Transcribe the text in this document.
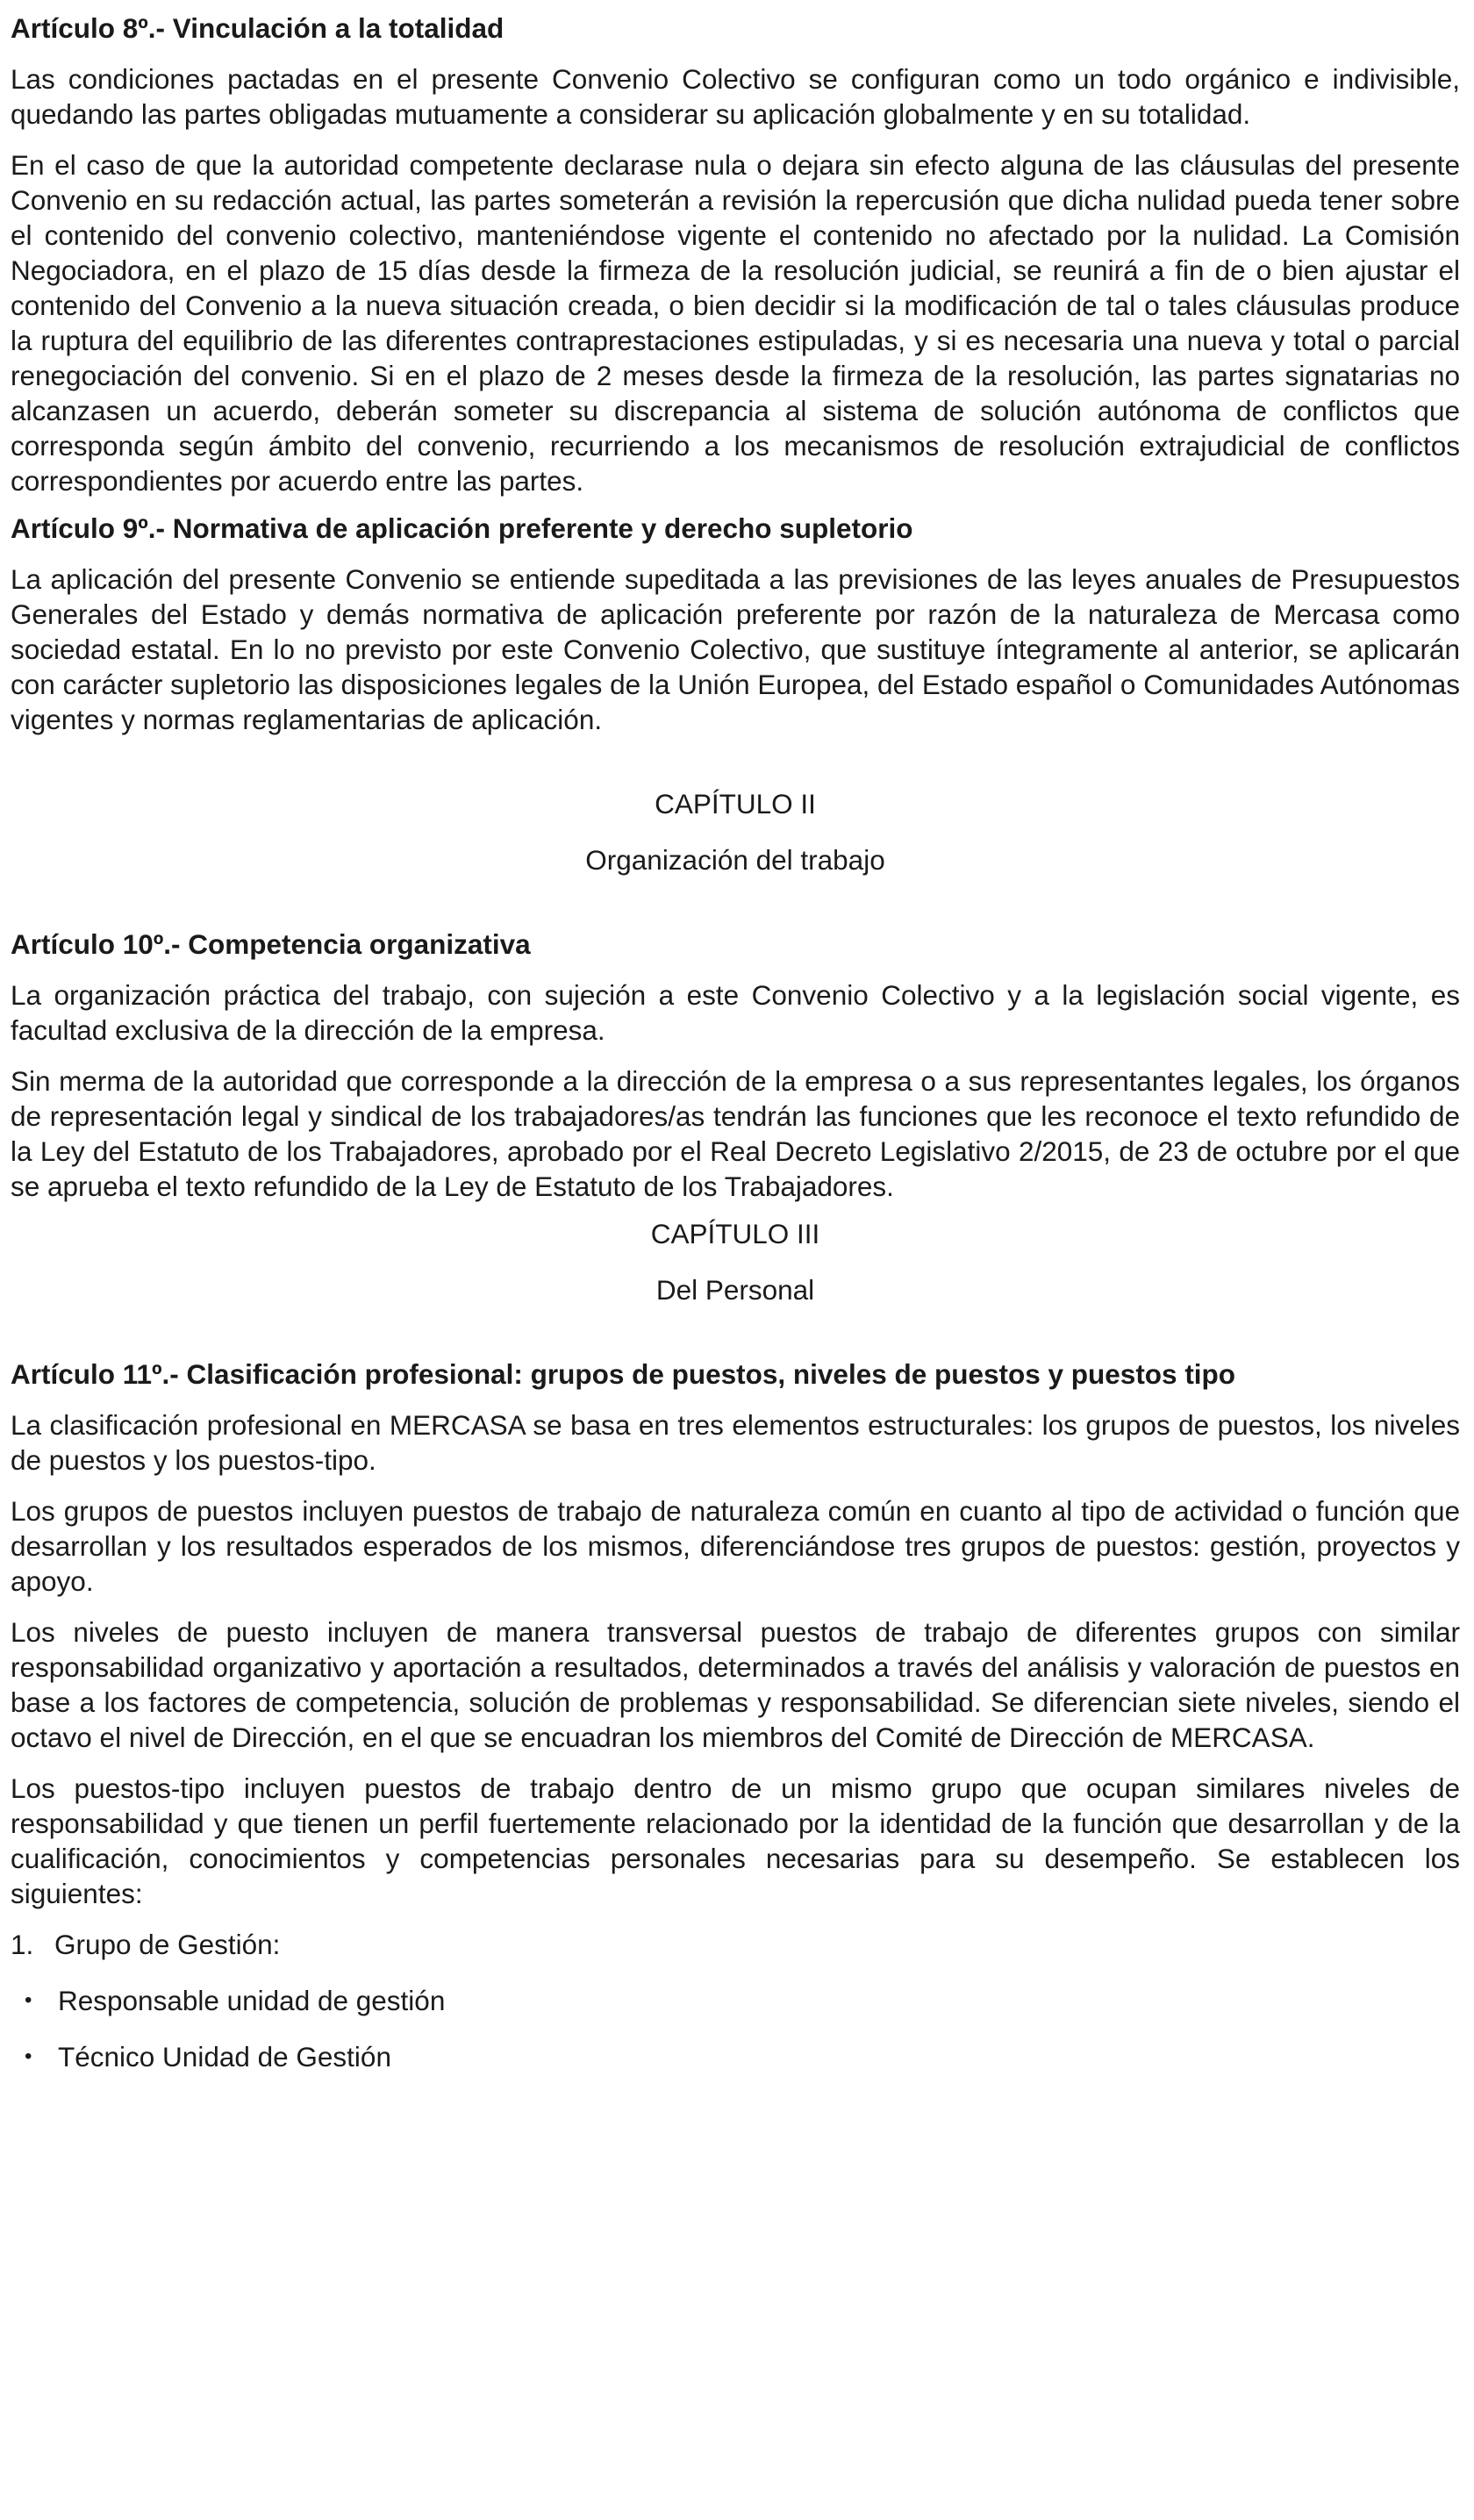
Artículo 8º.- Vinculación a la totalidad

Las condiciones pactadas en el presente Convenio Colectivo se configuran como un todo orgánico e indivisible, quedando las partes obligadas mutuamente a considerar su aplicación globalmente y en su totalidad.

En el caso de que la autoridad competente declarase nula o dejara sin efecto alguna de las cláusulas del presente Convenio en su redacción actual, las partes someterán a revisión la repercusión que dicha nulidad pueda tener sobre el contenido del convenio colectivo, manteniéndose vigente el contenido no afectado por la nulidad. La Comisión Negociadora, en el plazo de 15 días desde la firmeza de la resolución judicial, se reunirá a fin de o bien ajustar el contenido del Convenio a la nueva situación creada, o bien decidir si la modificación de tal o tales cláusulas produce la ruptura del equilibrio de las diferentes contraprestaciones estipuladas, y si es necesaria una nueva y total o parcial renegociación del convenio. Si en el plazo de 2 meses desde la firmeza de la resolución, las partes signatarias no alcanzasen un acuerdo, deberán someter su discrepancia al sistema de solución autónoma de conflictos que corresponda según ámbito del convenio, recurriendo a los mecanismos de resolución extrajudicial de conflictos correspondientes por acuerdo entre las partes.

Artículo 9º.- Normativa de aplicación preferente y derecho supletorio

La aplicación del presente Convenio se entiende supeditada a las previsiones de las leyes anuales de Presupuestos Generales del Estado y demás normativa de aplicación preferente por razón de la naturaleza de Mercasa como sociedad estatal. En lo no previsto por este Convenio Colectivo, que sustituye íntegramente al anterior, se aplicarán con carácter supletorio las disposiciones legales de la Unión Europea, del Estado español o Comunidades Autónomas vigentes y normas reglamentarias de aplicación.

CAPÍTULO II

Organización del trabajo

Artículo 10º.- Competencia organizativa

La organización práctica del trabajo, con sujeción a este Convenio Colectivo y a la legislación social vigente, es facultad exclusiva de la dirección de la empresa.

Sin merma de la autoridad que corresponde a la dirección de la empresa o a sus representantes legales, los órganos de representación legal y sindical de los trabajadores/as tendrán las funciones que les reconoce el texto refundido de la Ley del Estatuto de los Trabajadores, aprobado por el Real Decreto Legislativo 2/2015, de 23 de octubre por el que se aprueba el texto refundido de la Ley de Estatuto de los Trabajadores.

CAPÍTULO III

Del Personal

Artículo 11º.- Clasificación profesional: grupos de puestos, niveles de puestos y puestos tipo

La clasificación profesional en MERCASA se basa en tres elementos estructurales: los grupos de puestos, los niveles de puestos y los puestos-tipo.

Los grupos de puestos incluyen puestos de trabajo de naturaleza común en cuanto al tipo de actividad o función que desarrollan y los resultados esperados de los mismos, diferenciándose tres grupos de puestos: gestión, proyectos y apoyo.

Los niveles de puesto incluyen de manera transversal puestos de trabajo de diferentes grupos con similar responsabilidad organizativo y aportación a resultados, determinados a través del análisis y valoración de puestos en base a los factores de competencia, solución de problemas y responsabilidad. Se diferencian siete niveles, siendo el octavo el nivel de Dirección, en el que se encuadran los miembros del Comité de Dirección de MERCASA.

Los puestos-tipo incluyen puestos de trabajo dentro de un mismo grupo que ocupan similares niveles de responsabilidad y que tienen un perfil fuertemente relacionado por la identidad de la función que desarrollan y de la cualificación, conocimientos y competencias personales necesarias para su desempeño. Se establecen los siguientes:

1. Grupo de Gestión:

• Responsable unidad de gestión

• Técnico Unidad de Gestión
